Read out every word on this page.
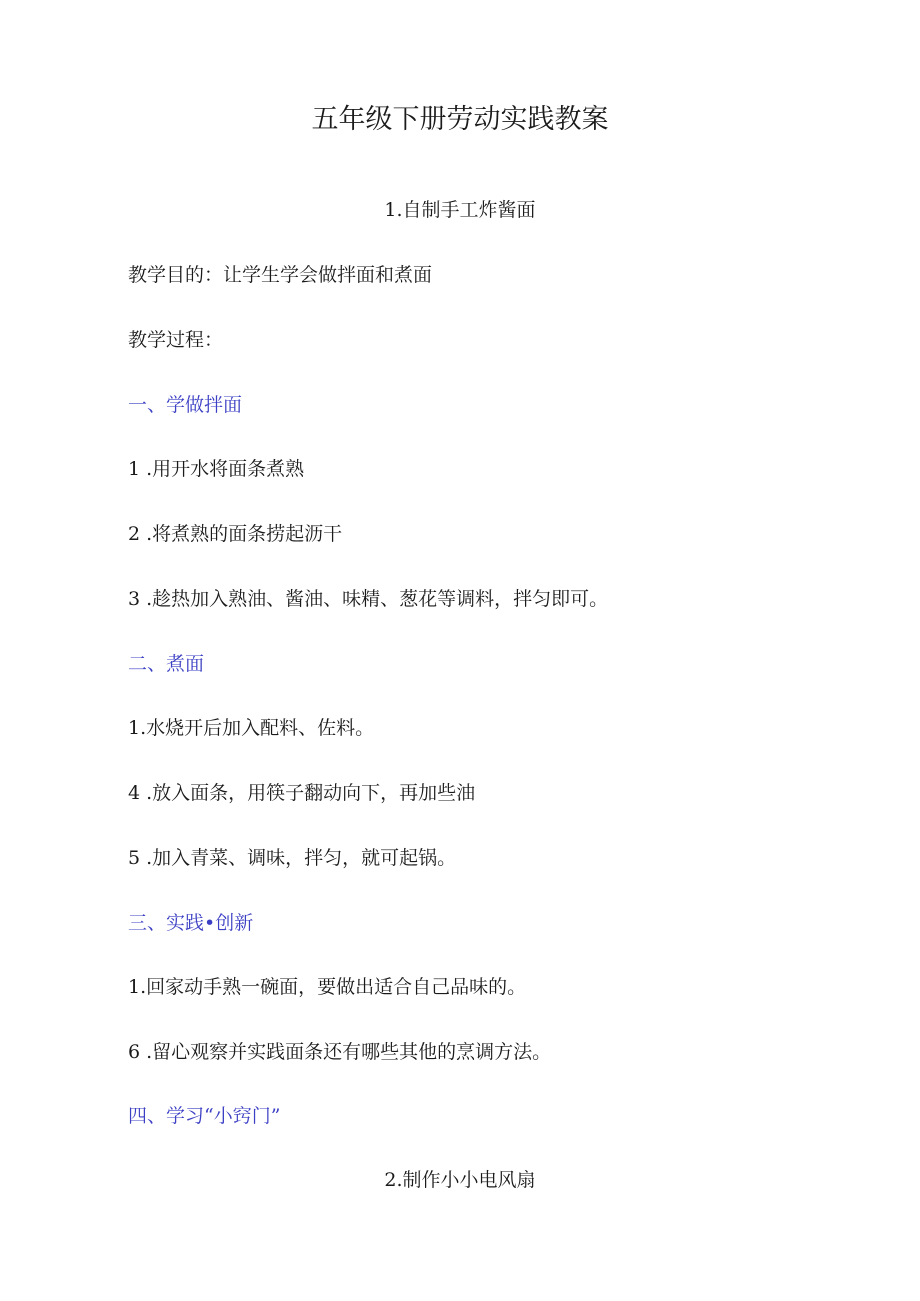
五年级下册劳动实践教案
1.自制手工炸酱面
教学目的：让学生学会做拌面和煮面
教学过程：
一、学做拌面
1 .用开水将面条煮熟
2 .将煮熟的面条捞起沥干
3 .趁热加入熟油、酱油、味精、葱花等调料，拌匀即可。
二、煮面
1.水烧开后加入配料、佐料。
4 .放入面条，用筷子翻动向下，再加些油
5 .加入青菜、调味，拌匀，就可起锅。
三、实践•创新
1.回家动手熟一碗面，要做出适合自己品味的。
6 .留心观察并实践面条还有哪些其他的烹调方法。
四、学习“小窍门”
2.制作小小电风扇
